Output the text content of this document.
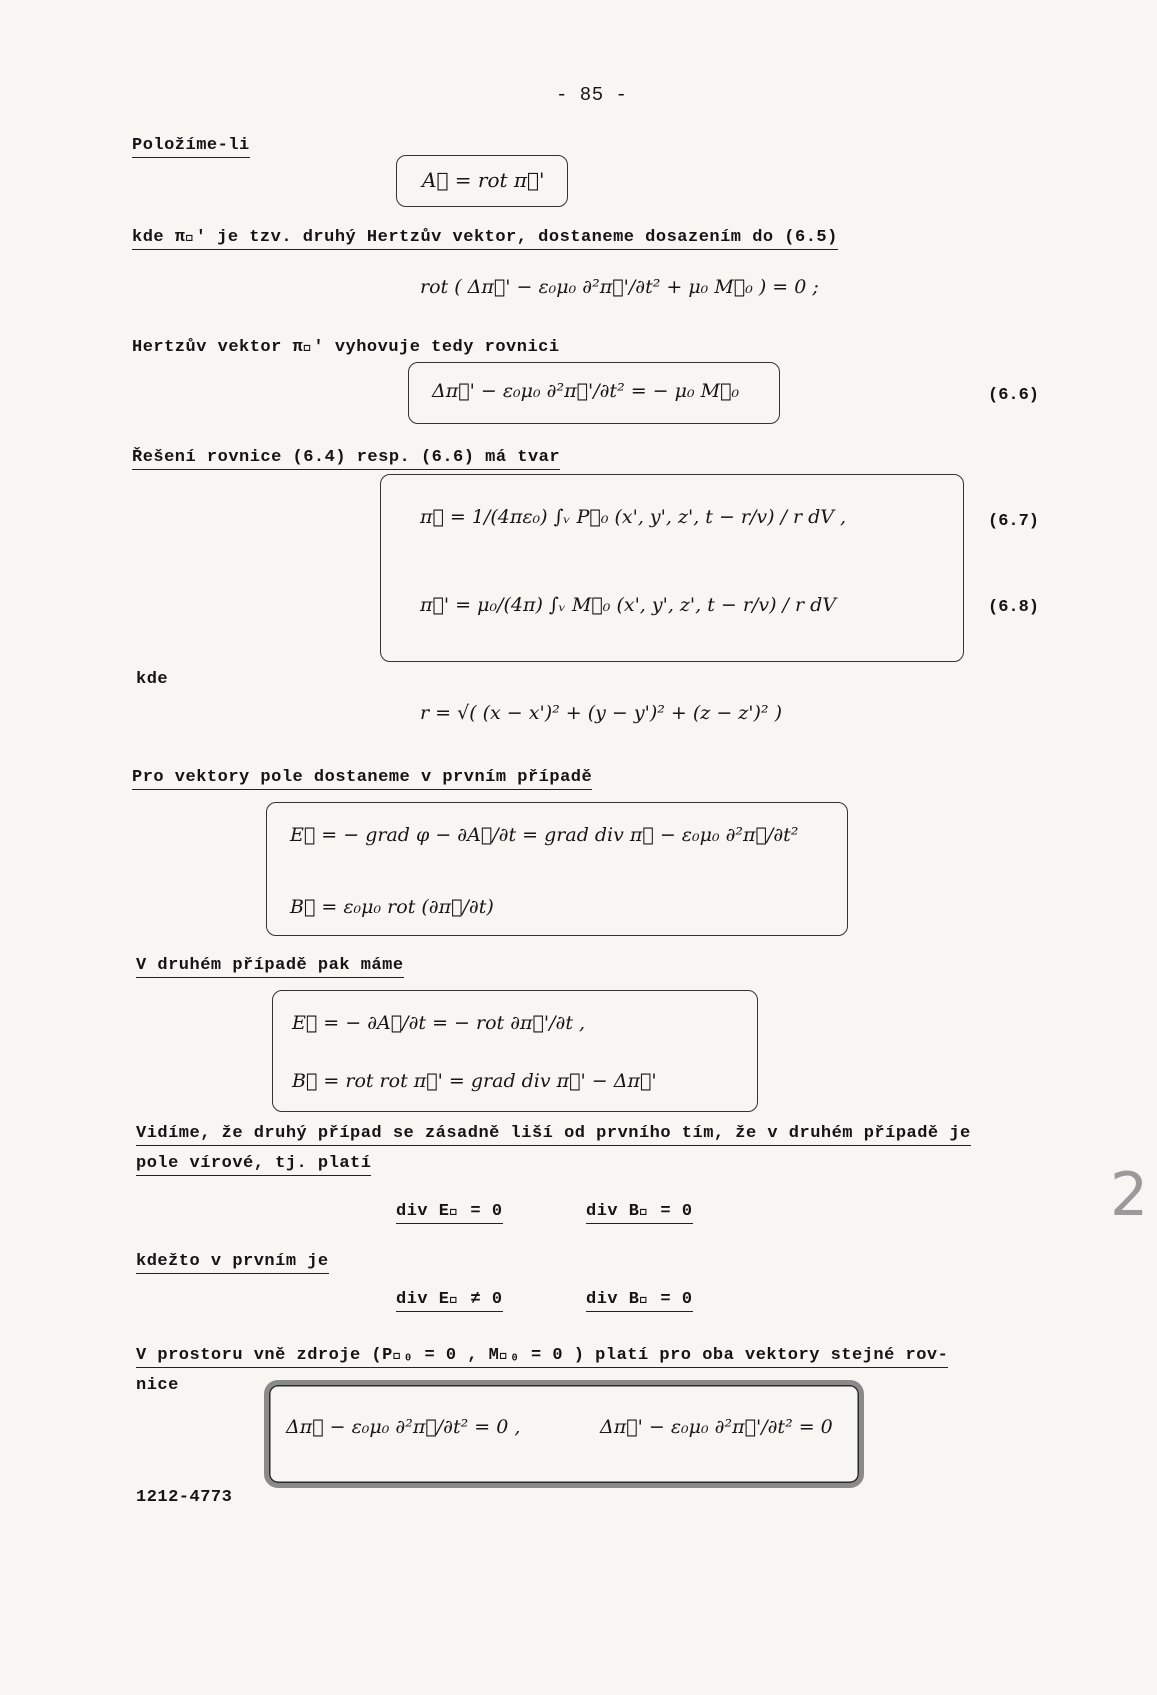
- 85 -
Položíme-li
A⃗ = rot π⃗'
kde π⃗' je tzv. druhý Hertzův vektor, dostaneme dosazením do (6.5)
rot ( Δπ⃗' − ε₀μ₀ ∂²π⃗'/∂t² + μ₀ M⃗₀ ) = 0 ;
Hertzův vektor π⃗' vyhovuje tedy rovnici
Δπ⃗' − ε₀μ₀ ∂²π⃗'/∂t² = − μ₀ M⃗₀	(6.6)
Řešení rovnice (6.4) resp. (6.6) má tvar
π⃗ = 1/(4πε₀) ∫ᵥ P⃗₀ (x', y', z', t − r/v) / r dV ,	(6.7)
π⃗' = μ₀/(4π) ∫ᵥ M⃗₀ (x', y', z', t − r/v) / r dV	(6.8)
kde
r = √( (x − x')² + (y − y')² + (z − z')² )
Pro vektory pole dostaneme v prvním případě
E⃗ = − grad φ − ∂A⃗/∂t = grad div π⃗ − ε₀μ₀ ∂²π⃗/∂t²
B⃗ = ε₀μ₀ rot (∂π⃗/∂t)
V druhém případě pak máme
E⃗ = − ∂A⃗/∂t = − rot ∂π⃗'/∂t ,
B⃗ = rot rot π⃗' = grad div π⃗' − Δπ⃗'
Vidíme, že druhý případ se zásadně liší od prvního tím, že v druhém případě je
pole vírové, tj. platí
div E⃗ = 0	div B⃗ = 0
kdežto v prvním je
div E⃗ ≠ 0	div B⃗ = 0
V prostoru vně zdroje (P⃗₀ = 0 , M⃗₀ = 0 ) platí pro oba vektory stejné rov-
nice
Δπ⃗ − ε₀μ₀ ∂²π⃗/∂t² = 0 ,	Δπ⃗' − ε₀μ₀ ∂²π⃗'/∂t² = 0
1212-4773
2
